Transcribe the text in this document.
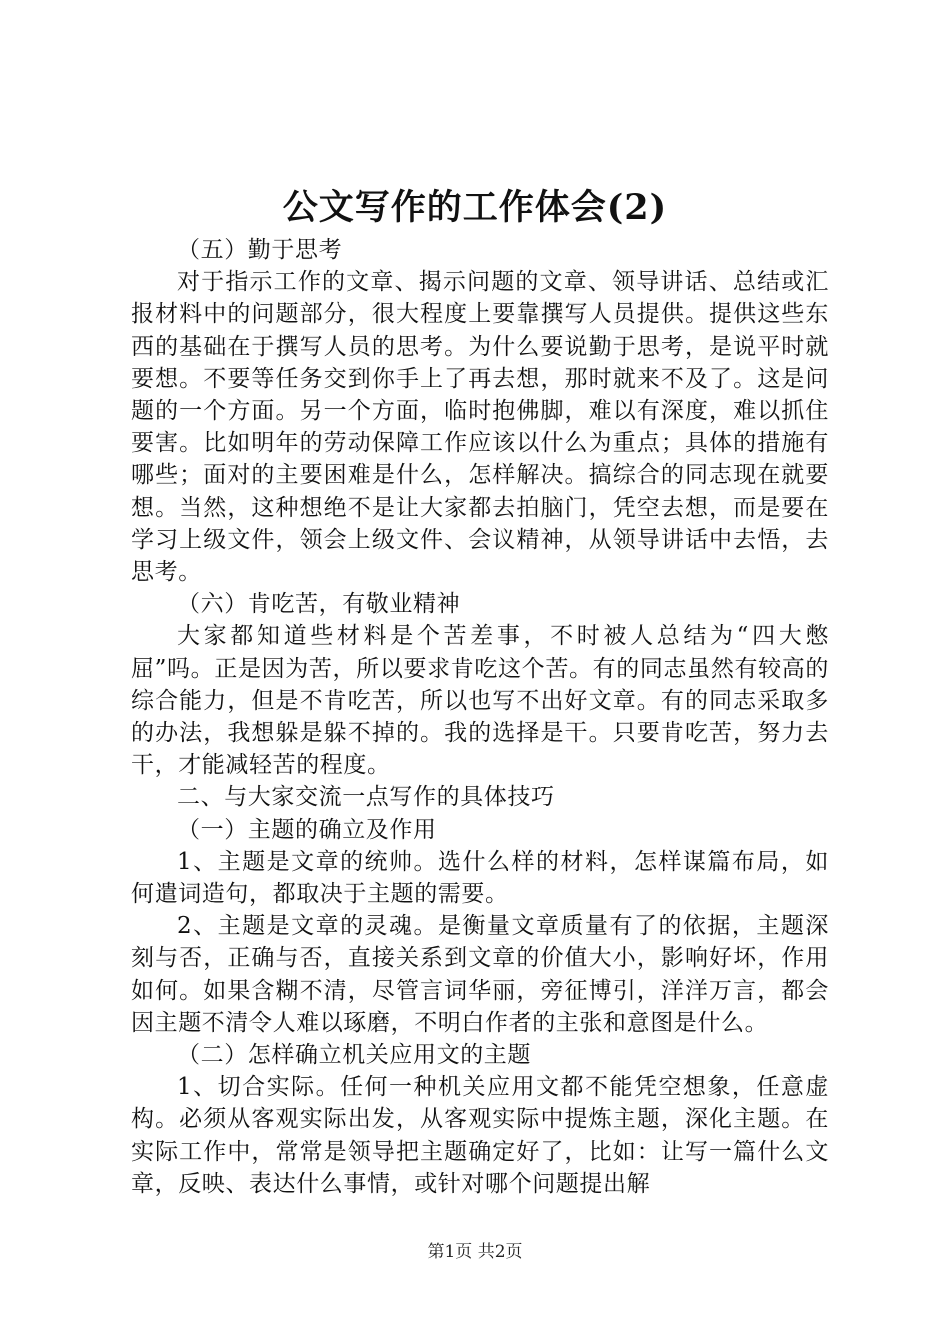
公文写作的工作体会(2)

（五）勤于思考

对于指示工作的文章、揭示问题的文章、领导讲话、总结或汇报材料中的问题部分，很大程度上要靠撰写人员提供。提供这些东西的基础在于撰写人员的思考。为什么要说勤于思考，是说平时就要想。不要等任务交到你手上了再去想，那时就来不及了。这是问题的一个方面。另一个方面，临时抱佛脚，难以有深度，难以抓住要害。比如明年的劳动保障工作应该以什么为重点；具体的措施有哪些；面对的主要困难是什么，怎样解决。搞综合的同志现在就要想。当然，这种想绝不是让大家都去拍脑门，凭空去想，而是要在学习上级文件，领会上级文件、会议精神，从领导讲话中去悟，去思考。

（六）肯吃苦，有敬业精神

大家都知道些材料是个苦差事，不时被人总结为“四大憋屈”吗。正是因为苦，所以要求肯吃这个苦。有的同志虽然有较高的综合能力，但是不肯吃苦，所以也写不出好文章。有的同志采取多的办法，我想躲是躲不掉的。我的选择是干。只要肯吃苦，努力去干，才能减轻苦的程度。

二、与大家交流一点写作的具体技巧

（一）主题的确立及作用

1、主题是文章的统帅。选什么样的材料，怎样谋篇布局，如何遣词造句，都取决于主题的需要。

2、主题是文章的灵魂。是衡量文章质量有了的依据，主题深刻与否，正确与否，直接关系到文章的价值大小，影响好坏，作用如何。如果含糊不清，尽管言词华丽，旁征博引，洋洋万言，都会因主题不清令人难以琢磨，不明白作者的主张和意图是什么。

（二）怎样确立机关应用文的主题

1、切合实际。任何一种机关应用文都不能凭空想象，任意虚构。必须从客观实际出发，从客观实际中提炼主题，深化主题。在实际工作中，常常是领导把主题确定好了，比如：让写一篇什么文章，反映、表达什么事情，或针对哪个问题提出解

第1页 共2页
